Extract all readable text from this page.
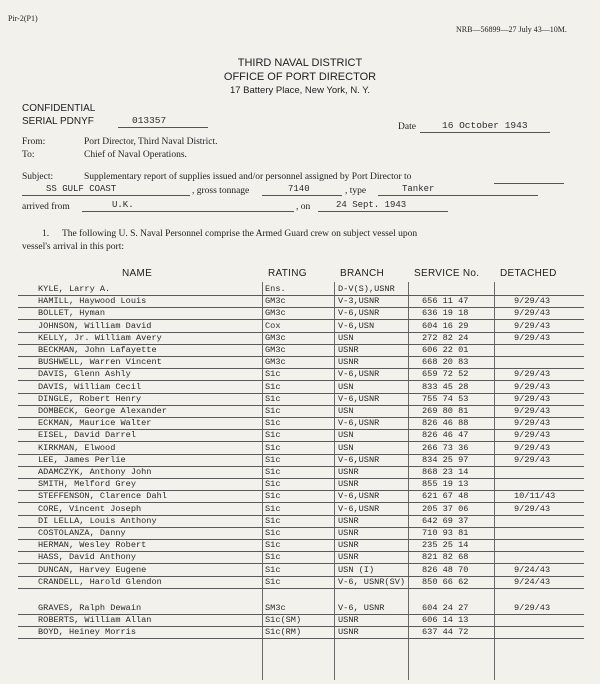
Pir-2(P1)
NRB—56899—27 July 43—10M.
THIRD NAVAL DISTRICT
OFFICE OF PORT DIRECTOR
17 Battery Place, New York, N. Y.
CONFIDENTIAL
SERIAL PDNYF	013357
Date	16 October 1943
From:	Port Director, Third Naval District.
To:	Chief of Naval Operations.
Subject:	Supplementary report of supplies issued and/or personnel assigned by Port Director to
SS GULF COAST	, gross tonnage	7140	, type	Tanker
arrived from	U.K.	, on	24 Sept. 1943
1. The following U. S. Naval Personnel comprise the Armed Guard crew on subject vessel upon
vessel's arrival in this port:
NAME	RATING	BRANCH	SERVICE No. DETACHED
KYLE, Larry A.	Ens.	D-V(S),USNR
HAMILL, Haywood Louis	GM3c	V-3,USNR	656 11 47	9/29/43
BOLLET, Hyman	GM3c	V-6,USNR	636 19 18	9/29/43
JOHNSON, William David	Cox	V-6,USN	604 16 29	9/29/43
KELLY, Jr. William Avery	GM3c	USN	272 82 24	9/29/43
BECKMAN, John Lafayette	GM3c	USNR	606 22 01
BUSHWELL, Warren Vincent	GM3c	USNR	668 20 83
DAVIS, Glenn Ashly	S1c	V-6,USNR	659 72 52	9/29/43
DAVIS, William Cecil	S1c	USN	833 45 28	9/29/43
DINGLE, Robert Henry	S1c	V-6,USNR	755 74 53	9/29/43
DOMBECK, George Alexander	S1c	USN	269 80 81	9/29/43
ECKMAN, Maurice Walter	S1c	V-6,USNR	826 46 88	9/29/43
EISEL, David Darrel	S1c	USN	826 46 47	9/29/43
KIRKMAN, Elwood	S1c	USN	266 73 36	9/29/43
LEE, James Perlie	S1c	V-6,USNR	834 25 97	9/29/43
ADAMCZYK, Anthony John	S1c	USNR	868 23 14
SMITH, Melford Grey	S1c	USNR	855 19 13
STEFFENSON, Clarence Dahl	S1c	V-6,USNR	621 67 48	10/11/43
CORE, Vincent Joseph	S1c	V-6,USNR	205 37 06	9/29/43
DI LELLA, Louis Anthony	S1c	USNR	642 69 37
COSTOLANZA, Danny	S1c	USNR	710 93 81
HERMAN, Wesley Robert	S1c	USNR	235 25 14
HASS, David Anthony	S1c	USNR	821 82 68
DUNCAN, Harvey Eugene	S1c	USN (I)	826 48 70	9/24/43
CRANDELL, Harold Glendon	S1c	V-6, USNR(SV) 850 66 62	9/24/43
GRAVES, Ralph Dewain	SM3c	V-6, USNR	604 24 27	9/29/43
ROBERTS, William Allan	S1c(SM)	USNR	606 14 13
BOYD, Heiney Morris	S1c(RM)	USNR	637 44 72
